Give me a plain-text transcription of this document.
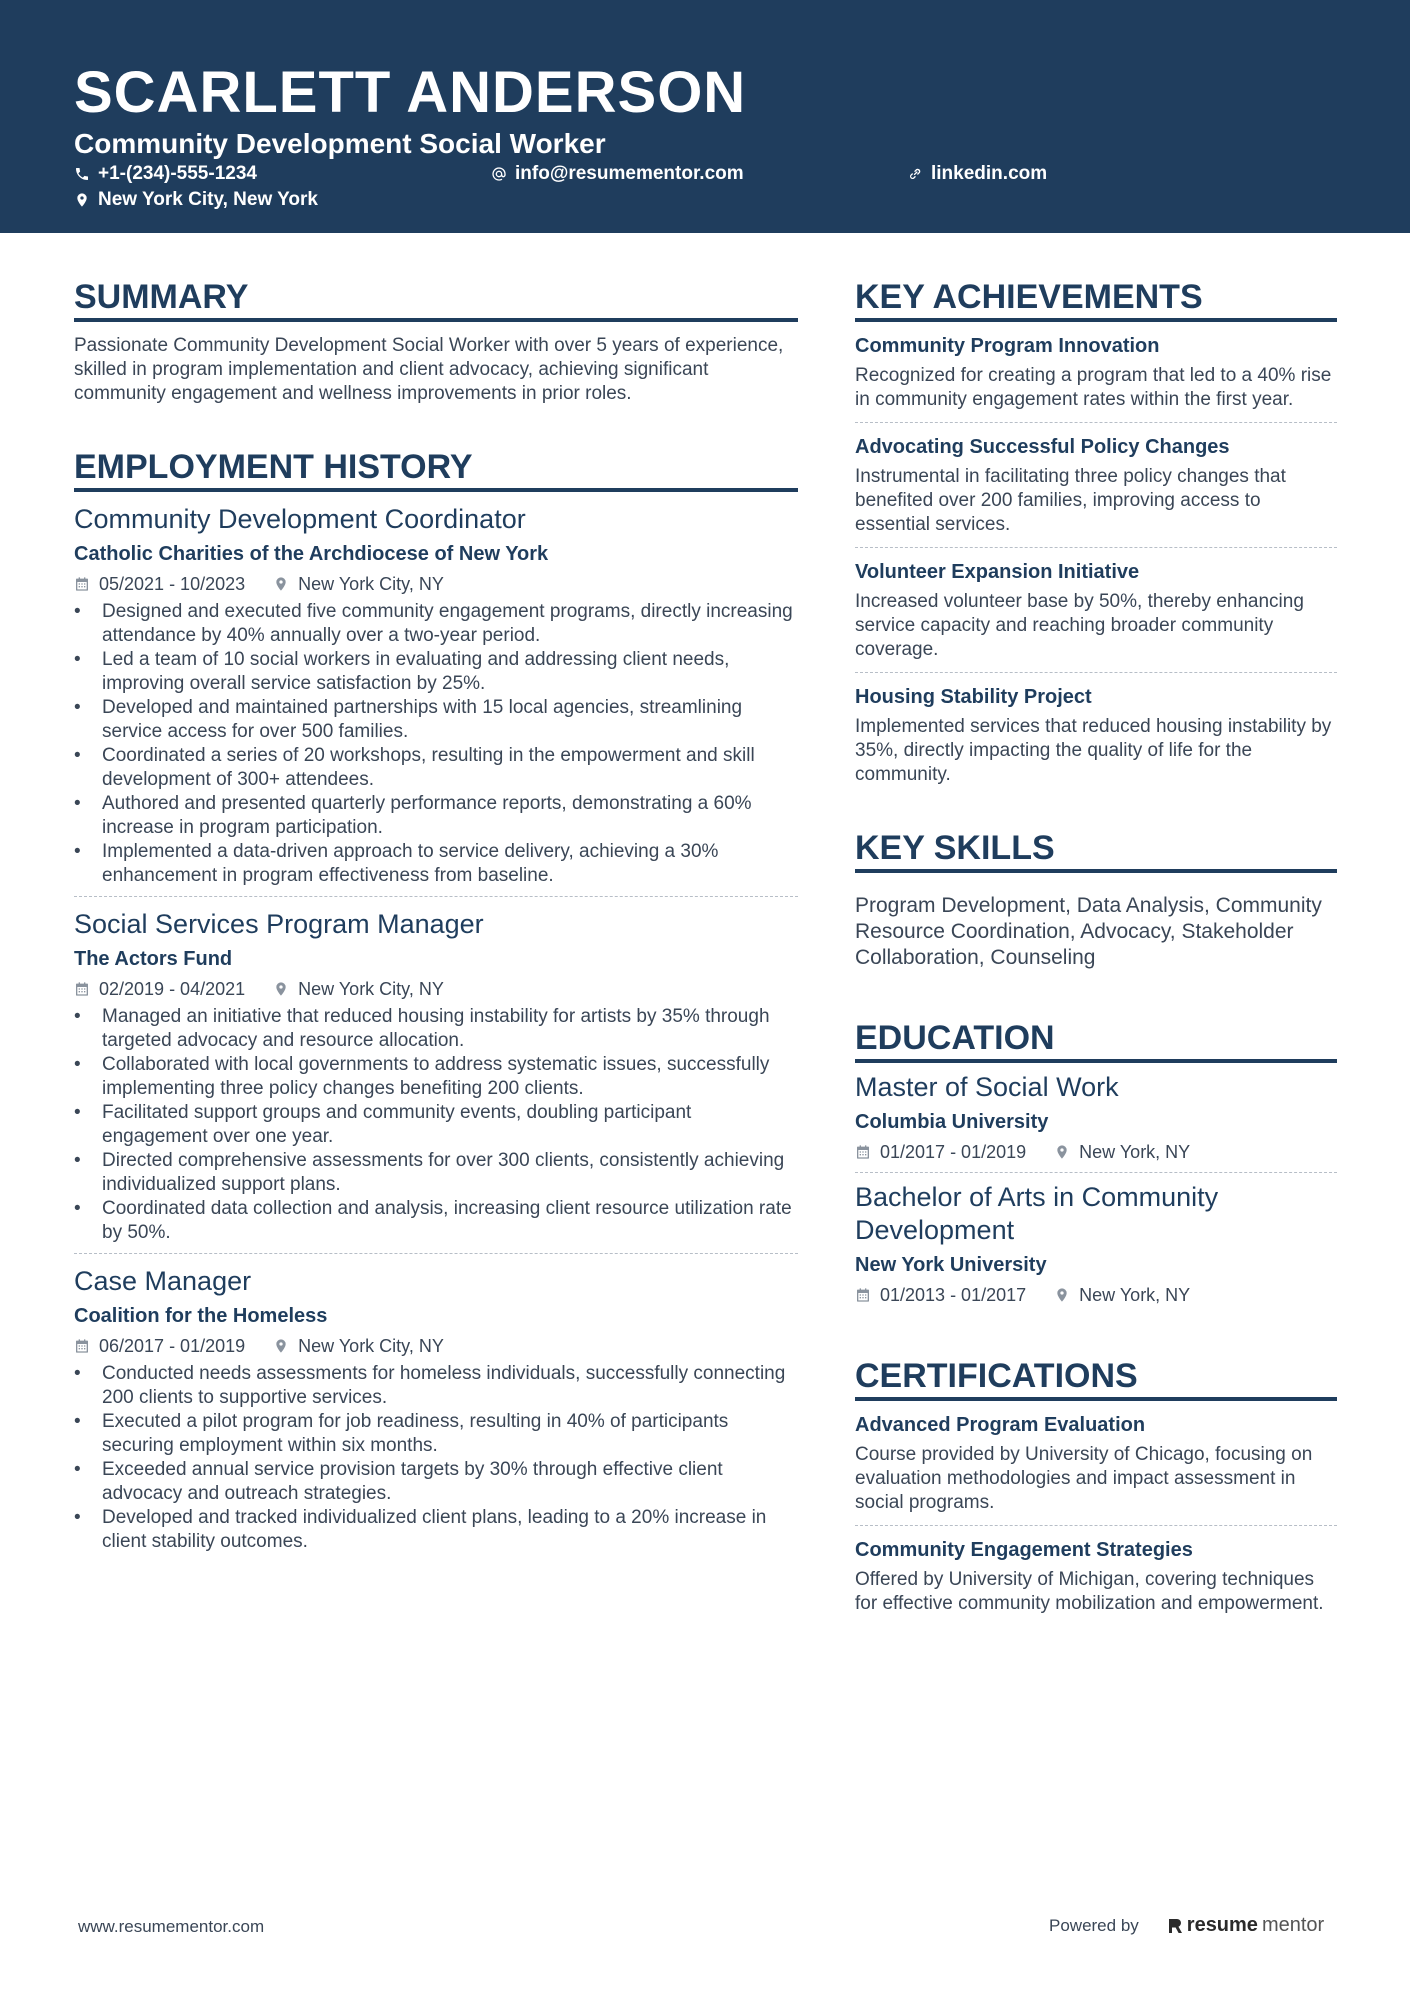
SCARLETT ANDERSON
Community Development Social Worker
+1-(234)-555-1234	info@resumementor.com	linkedin.com
New York City, New York
SUMMARY
Passionate Community Development Social Worker with over 5 years of experience, skilled in program implementation and client advocacy, achieving significant community engagement and wellness improvements in prior roles.
EMPLOYMENT HISTORY
Community Development Coordinator
Catholic Charities of the Archdiocese of New York
05/2021 - 10/2023	New York City, NY
• Designed and executed five community engagement programs, directly increasing attendance by 40% annually over a two-year period.
• Led a team of 10 social workers in evaluating and addressing client needs, improving overall service satisfaction by 25%.
• Developed and maintained partnerships with 15 local agencies, streamlining service access for over 500 families.
• Coordinated a series of 20 workshops, resulting in the empowerment and skill development of 300+ attendees.
• Authored and presented quarterly performance reports, demonstrating a 60% increase in program participation.
• Implemented a data-driven approach to service delivery, achieving a 30% enhancement in program effectiveness from baseline.
Social Services Program Manager
The Actors Fund
02/2019 - 04/2021	New York City, NY
• Managed an initiative that reduced housing instability for artists by 35% through targeted advocacy and resource allocation.
• Collaborated with local governments to address systematic issues, successfully implementing three policy changes benefiting 200 clients.
• Facilitated support groups and community events, doubling participant engagement over one year.
• Directed comprehensive assessments for over 300 clients, consistently achieving individualized support plans.
• Coordinated data collection and analysis, increasing client resource utilization rate by 50%.
Case Manager
Coalition for the Homeless
06/2017 - 01/2019	New York City, NY
• Conducted needs assessments for homeless individuals, successfully connecting 200 clients to supportive services.
• Executed a pilot program for job readiness, resulting in 40% of participants securing employment within six months.
• Exceeded annual service provision targets by 30% through effective client advocacy and outreach strategies.
• Developed and tracked individualized client plans, leading to a 20% increase in client stability outcomes.
KEY ACHIEVEMENTS
Community Program Innovation
Recognized for creating a program that led to a 40% rise in community engagement rates within the first year.
Advocating Successful Policy Changes
Instrumental in facilitating three policy changes that benefited over 200 families, improving access to essential services.
Volunteer Expansion Initiative
Increased volunteer base by 50%, thereby enhancing service capacity and reaching broader community coverage.
Housing Stability Project
Implemented services that reduced housing instability by 35%, directly impacting the quality of life for the community.
KEY SKILLS
Program Development, Data Analysis, Community Resource Coordination, Advocacy, Stakeholder Collaboration, Counseling
EDUCATION
Master of Social Work
Columbia University
01/2017 - 01/2019	New York, NY
Bachelor of Arts in Community Development
New York University
01/2013 - 01/2017	New York, NY
CERTIFICATIONS
Advanced Program Evaluation
Course provided by University of Chicago, focusing on evaluation methodologies and impact assessment in social programs.
Community Engagement Strategies
Offered by University of Michigan, covering techniques for effective community mobilization and empowerment.
www.resumementor.com	Powered by resume mentor
